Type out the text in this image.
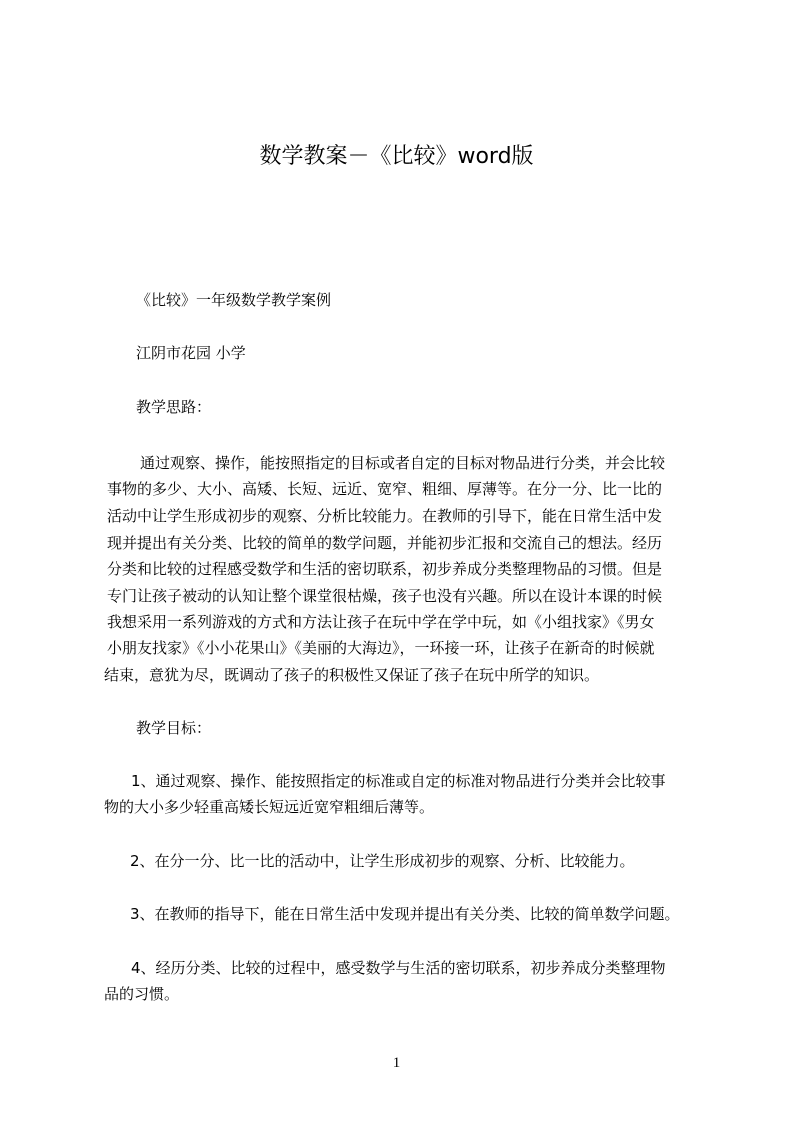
数学教案－《比较》word版
《比较》一年级数学教学案例
江阴市花园 小学
教学思路：
通过观察、操作，能按照指定的目标或者自定的目标对物品进行分类，并会比较
事物的多少、大小、高矮、长短、远近、宽窄、粗细、厚薄等。在分一分、比一比的
活动中让学生形成初步的观察、分析比较能力。在教师的引导下，能在日常生活中发
现并提出有关分类、比较的简单的数学问题，并能初步汇报和交流自己的想法。经历
分类和比较的过程感受数学和生活的密切联系，初步养成分类整理物品的习惯。但是
专门让孩子被动的认知让整个课堂很枯燥，孩子也没有兴趣。所以在设计本课的时候
我想采用一系列游戏的方式和方法让孩子在玩中学在学中玩，如《小组找家》《男女
小朋友找家》《小小花果山》《美丽的大海边》，一环接一环，让孩子在新奇的时候就
结束，意犹为尽，既调动了孩子的积极性又保证了孩子在玩中所学的知识。
教学目标：
1、通过观察、操作、能按照指定的标准或自定的标准对物品进行分类并会比较事
物的大小多少轻重高矮长短远近宽窄粗细后薄等。
2、在分一分、比一比的活动中，让学生形成初步的观察、分析、比较能力。
3、在教师的指导下，能在日常生活中发现并提出有关分类、比较的简单数学问题。
4、经历分类、比较的过程中，感受数学与生活的密切联系，初步养成分类整理物
品的习惯。
1
